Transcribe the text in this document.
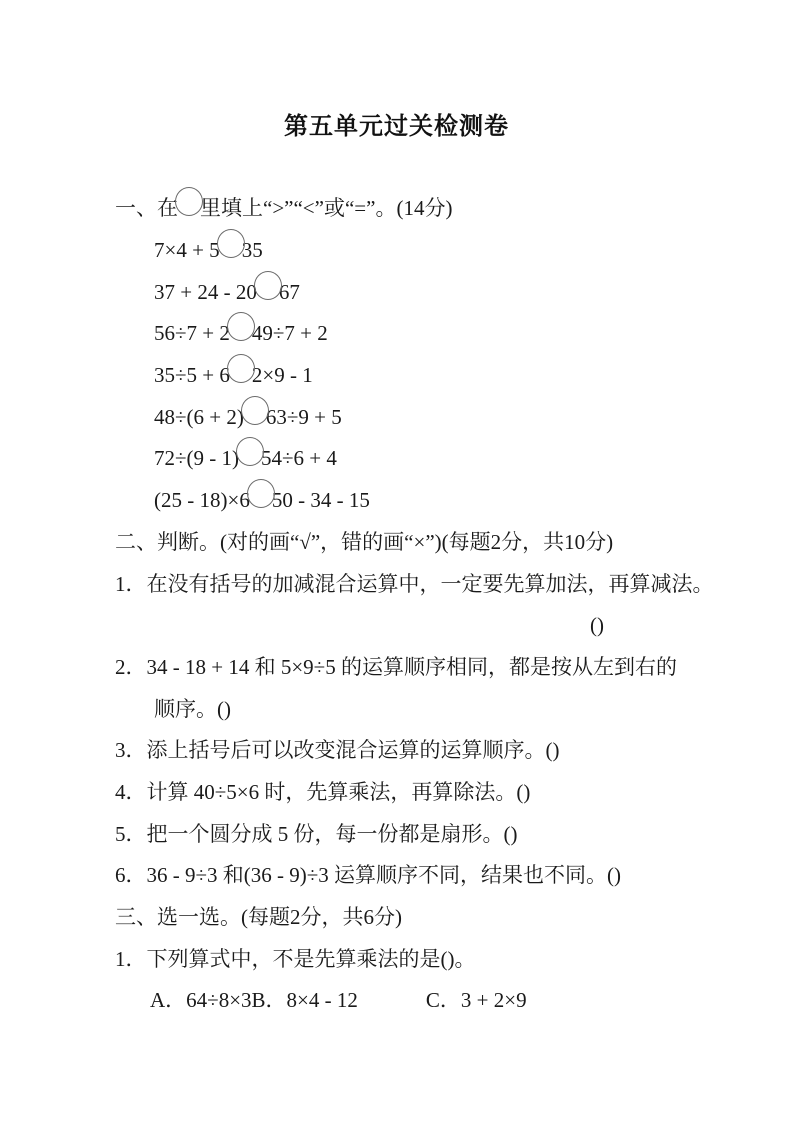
第五单元过关检测卷
一、在 里填上“>”“<”或“=”。(14分)
7×4 + 5 35
37 + 24 - 20 67
56÷7 + 2 49÷7 + 2
35÷5 + 6 2×9 - 1
48÷(6 + 2) 63÷9 + 5
72÷(9 - 1) 54÷6 + 4
(25 - 18)×6 50 - 34 - 15
二、判断。(对的画“√”，错的画“×”)(每题2分，共10分)
1．在没有括号的加减混合运算中，一定要先算加法，再算减法。
()
2．34 - 18 + 14 和 5×9÷5 的运算顺序相同，都是按从左到右的
顺序。()
3．添上括号后可以改变混合运算的运算顺序。()
4．计算 40÷5×6 时，先算乘法，再算除法。()
5．把一个圆分成 5 份，每一份都是扇形。()
6．36 - 9÷3 和(36 - 9)÷3 运算顺序不同，结果也不同。()
三、选一选。(每题2分，共6分)
1．下列算式中，不是先算乘法的是()。
A．64÷8×3 B．8×4 - 12	C．3 + 2×9
